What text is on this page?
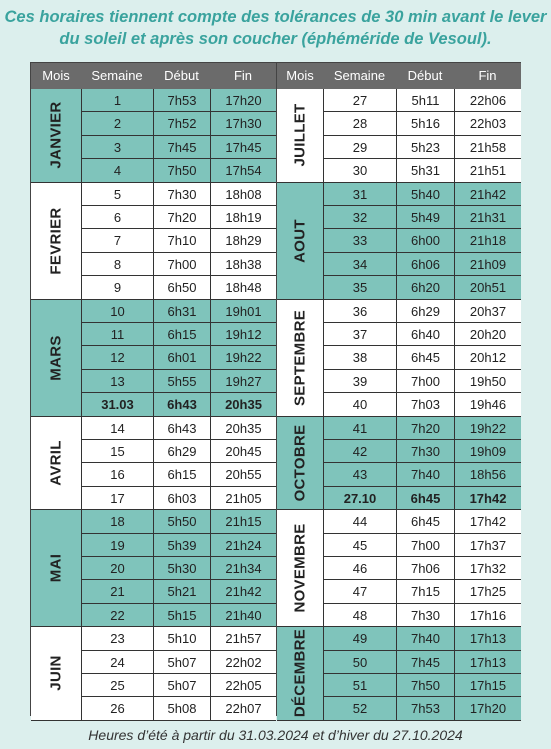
Ces horaires tiennent compte des tolérances de 30 min avant le lever du soleil et après son coucher (éphéméride de Vesoul).
Mois	Semaine	Début	Fin
JANVIER
1	7h53	17h20
2	7h52	17h30
3	7h45	17h45
4	7h50	17h54
FEVRIER
5	7h30	18h08
6	7h20	18h19
7	7h10	18h29
8	7h00	18h38
9	6h50	18h48
MARS
10	6h31	19h01
11	6h15	19h12
12	6h01	19h22
13	5h55	19h27
31.03	6h43	20h35
AVRIL
14	6h43	20h35
15	6h29	20h45
16	6h15	20h55
17	6h03	21h05
MAI
18	5h50	21h15
19	5h39	21h24
20	5h30	21h34
21	5h21	21h42
22	5h15	21h40
JUIN
23	5h10	21h57
24	5h07	22h02
25	5h07	22h05
26	5h08	22h07
Mois	Semaine	Début	Fin
JUILLET
27	5h11	22h06
28	5h16	22h03
29	5h23	21h58
30	5h31	21h51
AOUT
31	5h40	21h42
32	5h49	21h31
33	6h00	21h18
34	6h06	21h09
35	6h20	20h51
SEPTEMBRE	36	6h29	20h37
37	6h40	20h20
38	6h45	20h12
39	7h00	19h50
40	7h03	19h46
OCTOBRE	41	7h20	19h22
42	7h30	19h09
43	7h40	18h56
27.10	6h45	17h42
NOVEMBRE
44	6h45	17h42
45	7h00	17h37
46	7h06	17h32
47	7h15	17h25
48	7h30	17h16
DÉCEMBRE	49	7h40	17h13
50	7h45	17h13
51	7h50	17h15
52	7h53	17h20
Heures d’été à partir du 31.03.2024 et d’hiver du 27.10.2024
